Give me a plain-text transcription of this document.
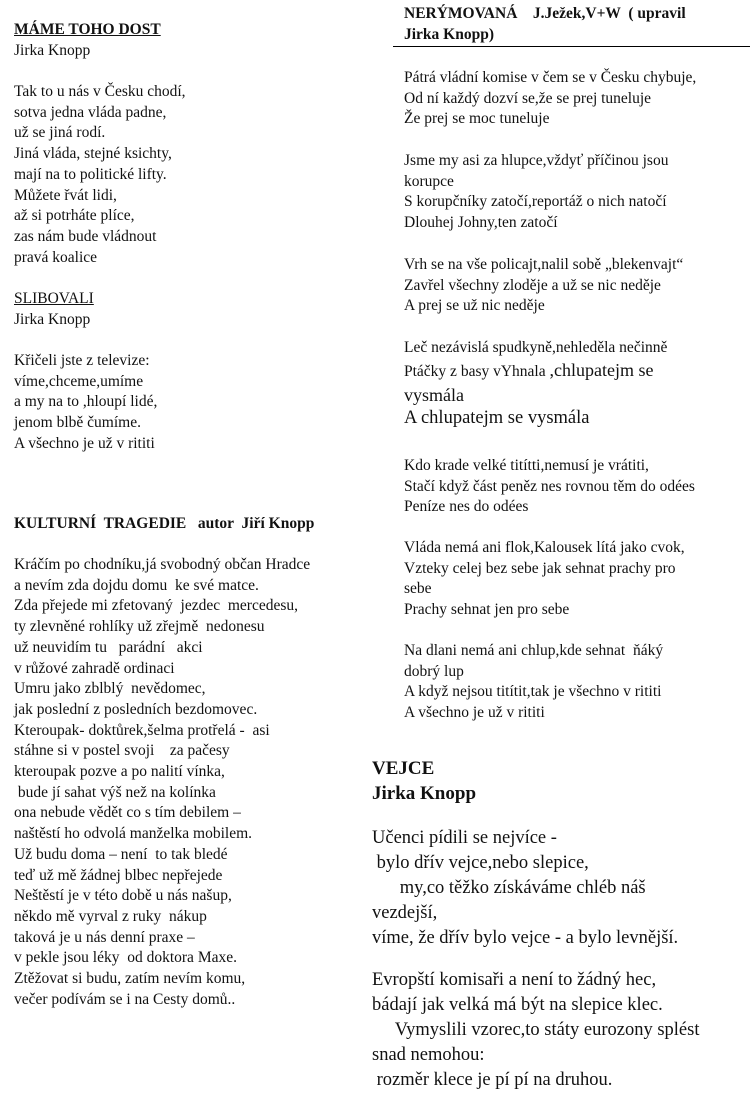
MÁME TOHO DOST
Jirka Knopp
Tak to u nás v Česku chodí,
sotva jedna vláda padne,
už se jiná rodí.
Jiná vláda, stejné ksichty,
mají na to politické lifty.
Můžete řvát lidi,
až si potrháte plíce,
zas nám bude vládnout
pravá koalice
SLIBOVALI
Jirka Knopp
Křičeli jste z televize:
víme,chceme,umíme
a my na to ,hloupí lidé,
jenom blbě čumíme.
A všechno je už v rititi
KULTURNÍ  TRAGEDIE   autor  Jiří Knopp
Kráčím po chodníku,já svobodný občan Hradce
a nevím zda dojdu domu  ke své matce.
Zda přejede mi zfetovaný  jezdec  mercedesu,
ty zlevněné rohlíky už zřejmě  nedonesu
už neuvidím tu   parádní   akci
v růžové zahradě ordinaci
Umru jako zblblý  nevědomec,
jak poslední z posledních bezdomovec.
Kteroupak- doktůrek,šelma protřelá -  asi
stáhne si v postel svoji    za pačesy
kteroupak pozve a po nalití vínka,
bude jí sahat výš než na kolínka
ona nebude vědět co s tím debilem –
naštěstí ho odvolá manželka mobilem.
Už budu doma – není  to tak bledé
teď už mě žádnej blbec nepřejede
Neštěstí je v této době u nás našup,
někdo mě vyrval z ruky  nákup
taková je u nás denní praxe –
v pekle jsou léky  od doktora Maxe.
Ztěžovat si budu, zatím nevím komu,
večer podívám se i na Cesty domů..
NERÝMOVANÁ    J.Ježek,V+W  ( upravil
Jirka Knopp)
Pátrá vládní komise v čem se v Česku chybuje,
Od ní každý dozví se,že se prej tuneluje
Že prej se moc tuneluje
Jsme my asi za hlupce,vždyť příčinou jsou
korupce
S korupčníky zatočí,reportáž o nich natočí
Dlouhej Johny,ten zatočí
Vrh se na vše policajt,nalil sobě „blekenvajt“
Zavřel všechny zloděje a už se nic neděje
A prej se už nic neděje
Leč nezávislá spudkyně,nehleděla nečinně
Ptáčky z basy vYhnala ,chlupatejm se
vysmála
A chlupatejm se vysmála
Kdo krade velké titítti,nemusí je vrátiti,
Stačí když část peněz nes rovnou těm do odées
Peníze nes do odées
Vláda nemá ani flok,Kalousek lítá jako cvok,
Vzteky celej bez sebe jak sehnat prachy pro
sebe
Prachy sehnat jen pro sebe
Na dlani nemá ani chlup,kde sehnat  ňáký
dobrý lup
A když nejsou titítit,tak je všechno v rititi
A všechno je už v rititi
VEJCE
Jirka Knopp
Učenci pídili se nejvíce -
bylo dřív vejce,nebo slepice,
my,co těžko získáváme chléb náš
vezdejší,
víme, že dřív bylo vejce - a bylo levnější.
Evropští komisaři a není to žádný hec,
bádají jak velká má být na slepice klec.
Vymyslili vzorec,to státy eurozony splést
snad nemohou:
rozměr klece je pí pí na druhou.
